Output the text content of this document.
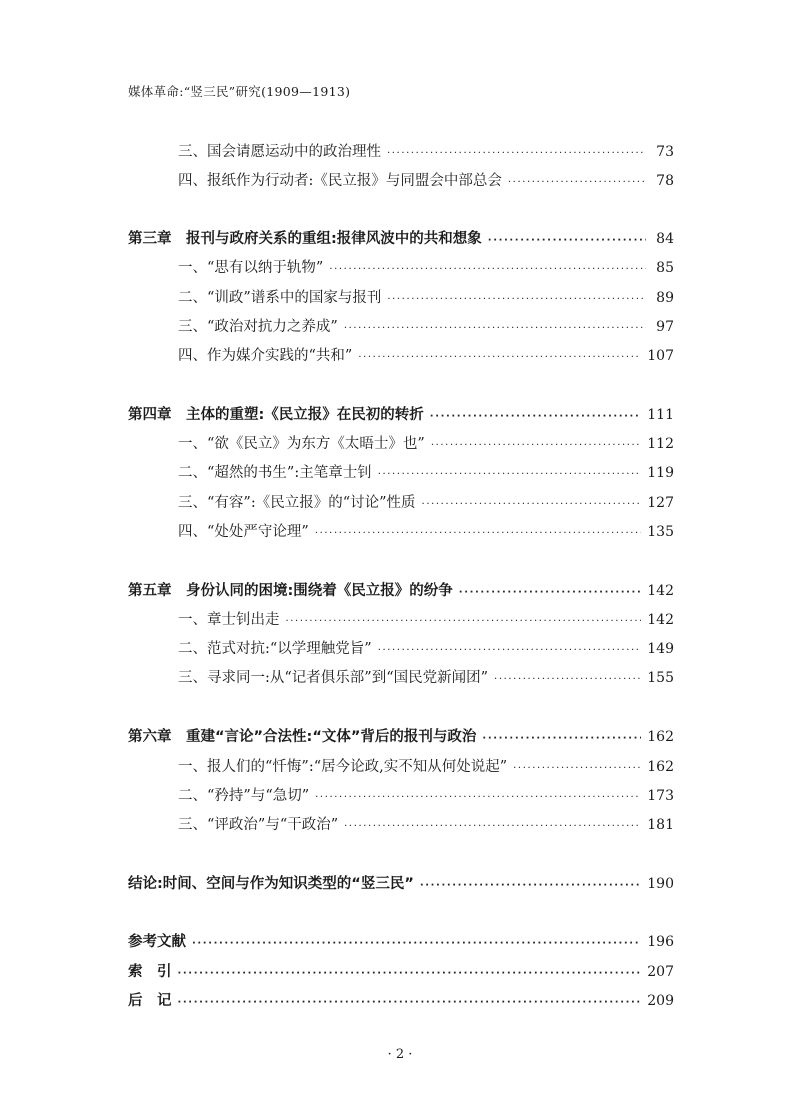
媒体革命:“竖三民”研究(1909—1913)
三、国会请愿运动中的政治理性 ·····	73
四、报纸作为行动者:《民立报》与同盟会中部总会 ·····	78
第三章　报刊与政府关系的重组:报律风波中的共和想象 ·····	84
一、“思有以纳于轨物” ·····	85
二、“训政”谱系中的国家与报刊 ·····	89
三、“政治对抗力之养成” ·····	97
四、作为媒介实践的“共和” ·····	107
第四章　主体的重塑:《民立报》在民初的转折 ·····	111
一、“欲《民立》为东方《太晤士》也” ·····	112
二、“超然的书生”:主笔章士钊 ·····	119
三、“有容”:《民立报》的“讨论”性质 ·····	127
四、“处处严守论理” ·····	135
第五章　身份认同的困境:围绕着《民立报》的纷争 ·····	142
一、章士钊出走 ·····	142
二、范式对抗:“以学理触党旨” ·····	149
三、寻求同一:从“记者俱乐部”到“国民党新闻团” ·····	155
第六章　重建“言论”合法性:“文体”背后的报刊与政治 ·····	162
一、报人们的“忏悔”:“居今论政,实不知从何处说起” ·····	162
二、“矜持”与“急切” ·····	173
三、“评政治”与“干政治” ·····	181
结论:时间、空间与作为知识类型的“竖三民” ·····	190
参考文献 ·····	196
索　引 ·····	207
后　记 ·····	209
· 2 ·
